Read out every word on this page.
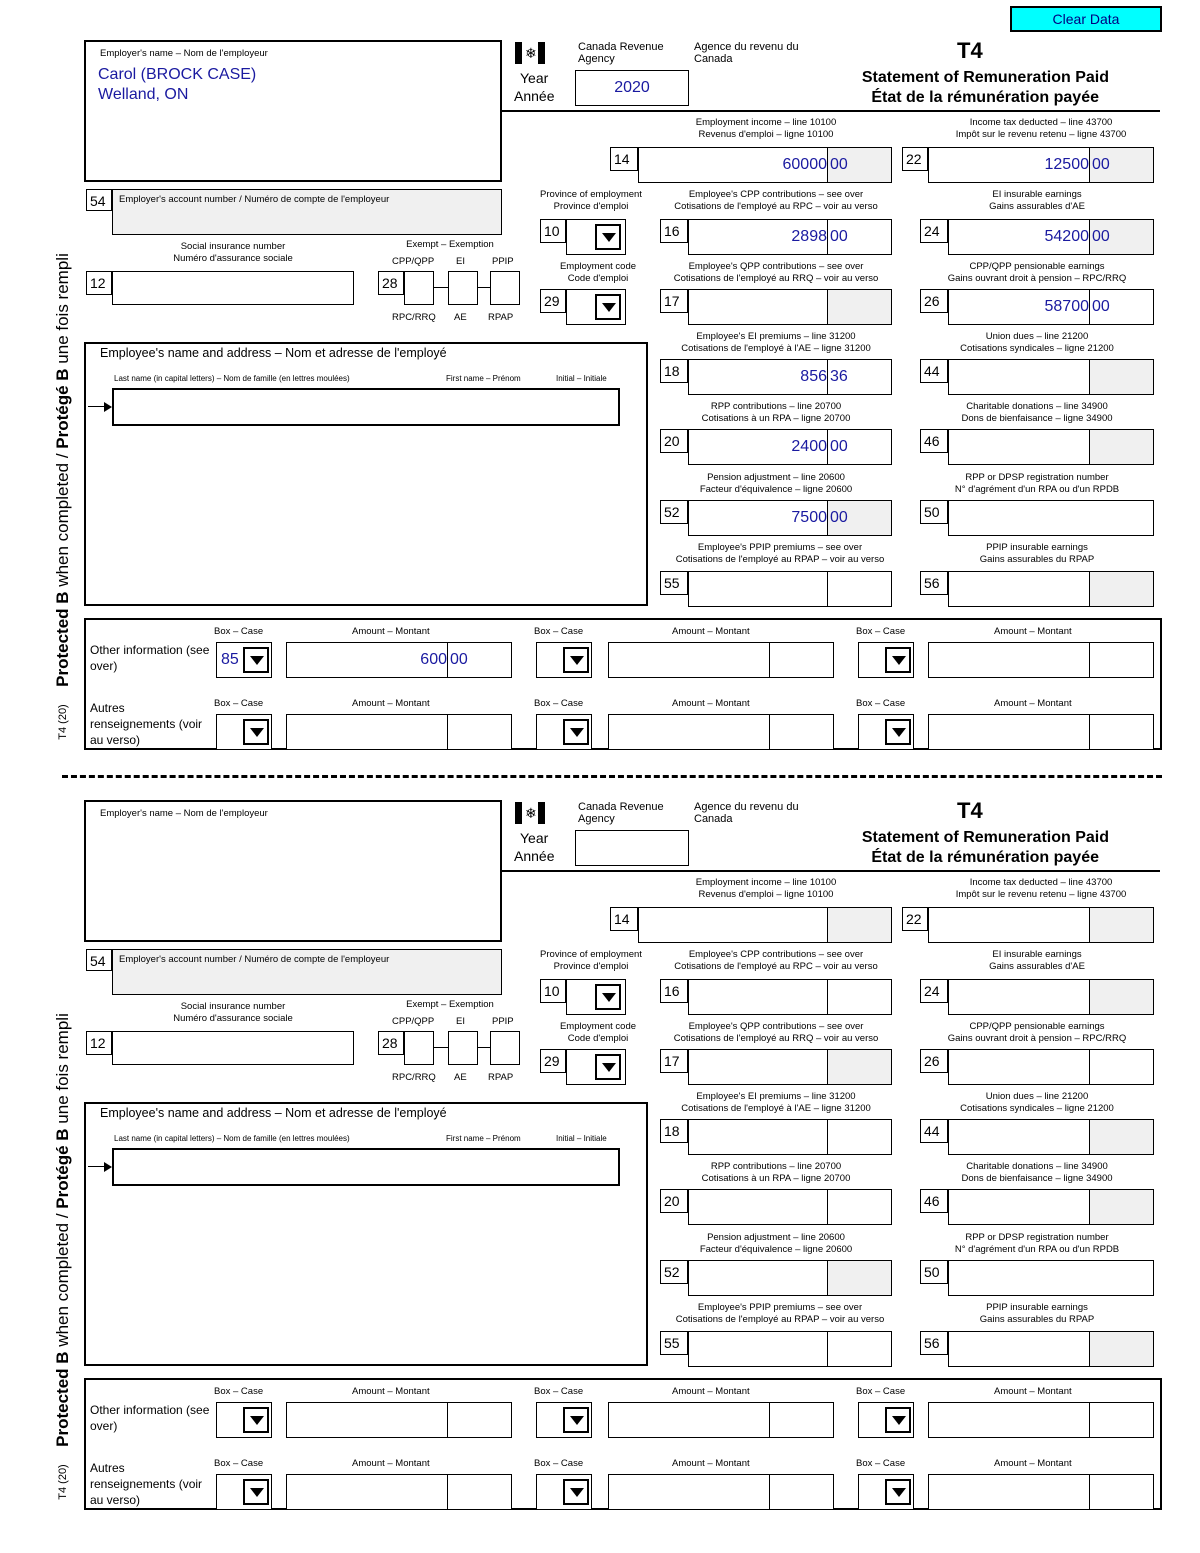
Clear Data
Protected B when completed / Protégé B une fois rempli
T4 (20)
Employer's name – Nom de l'employeur
Carol (BROCK CASE)
Welland, ON
❄	Canada Revenue Agency
Agence du revenu du Canada
Year
Année	2020
T4
Statement of Remuneration Paid
État de la rémunération payée
Employment income – line 10100
Revenus d'emploi – ligne 10100
14	60000 00
Income tax deducted – line 43700
Impôt sur le revenu retenu – ligne 43700
22	12500 00
54	Employer's account number / Numéro de compte de l'employeur	Province of employment
Province d'emploi
10
Employee's CPP contributions – see over
Cotisations de l'employé au RPC – voir au verso
16	2898 00
EI insurable earnings
Gains assurables d'AE
24	54200 00
Social insurance number
Numéro d'assurance sociale
12
Exempt – Exemption
CPP/QPP EI	PPIP
28
RPC/RRQ AE RPAP
Employment code
Code d'emploi
29
Employee's QPP contributions – see over
Cotisations de l'employé au RRQ – voir au verso
17
CPP/QPP pensionable earnings
Gains ouvrant droit à pension – RPC/RRQ
26	58700 00
Employee's name and address – Nom et adresse de l'employé
Last name (in capital letters) – Nom de famille (en lettres moulées)	First name – Prénom	Initial – Initiale
Employee's EI premiums – line 31200
Cotisations de l'employé à l'AE – ligne 31200
18	856 36
Union dues – line 21200
Cotisations syndicales – ligne 21200
44
RPP contributions – line 20700
Cotisations à un RPA – ligne 20700
20	2400 00
Charitable donations – line 34900
Dons de bienfaisance – ligne 34900
46
Pension adjustment – line 20600
Facteur d'équivalence – ligne 20600
52	7500 00
RPP or DPSP registration number
N° d'agrément d'un RPA ou d'un RPDB
50
Employee's PPIP premiums – see over
Cotisations de l'employé au RPAP – voir au verso
55
PPIP insurable earnings
Gains assurables du RPAP
56
Other information (see over)
Autres renseignements (voir au verso)
Box – Case	Amount – Montant	Box – Case	Amount – Montant	Box – Case	Amount – Montant
85	600 00
Box – Case	Amount – Montant	Box – Case	Amount – Montant	Box – Case	Amount – Montant
Protected B when completed / Protégé B une fois rempli
T4 (20)
Employer's name – Nom de l'employeur	❄	Canada Revenue Agency
Agence du revenu du Canada
Year
Année
T4
Statement of Remuneration Paid
État de la rémunération payée
Employment income – line 10100
Revenus d'emploi – ligne 10100
14
Income tax deducted – line 43700
Impôt sur le revenu retenu – ligne 43700
22
54	Employer's account number / Numéro de compte de l'employeur	Province of employment
Province d'emploi
10
Employee's CPP contributions – see over
Cotisations de l'employé au RPC – voir au verso
16
EI insurable earnings
Gains assurables d'AE
24
Social insurance number
Numéro d'assurance sociale
12
Exempt – Exemption
CPP/QPP EI	PPIP
28
RPC/RRQ AE RPAP
Employment code
Code d'emploi
29
Employee's QPP contributions – see over
Cotisations de l'employé au RRQ – voir au verso
17
CPP/QPP pensionable earnings
Gains ouvrant droit à pension – RPC/RRQ
26
Employee's name and address – Nom et adresse de l'employé
Last name (in capital letters) – Nom de famille (en lettres moulées)	First name – Prénom	Initial – Initiale
Employee's EI premiums – line 31200
Cotisations de l'employé à l'AE – ligne 31200
18
Union dues – line 21200
Cotisations syndicales – ligne 21200
44
RPP contributions – line 20700
Cotisations à un RPA – ligne 20700
20
Charitable donations – line 34900
Dons de bienfaisance – ligne 34900
46
Pension adjustment – line 20600
Facteur d'équivalence – ligne 20600
52
RPP or DPSP registration number
N° d'agrément d'un RPA ou d'un RPDB
50
Employee's PPIP premiums – see over
Cotisations de l'employé au RPAP – voir au verso
55
PPIP insurable earnings
Gains assurables du RPAP
56
Other information (see over)
Autres renseignements (voir au verso)
Box – Case	Amount – Montant	Box – Case	Amount – Montant	Box – Case	Amount – Montant
Box – Case	Amount – Montant	Box – Case	Amount – Montant	Box – Case	Amount – Montant
